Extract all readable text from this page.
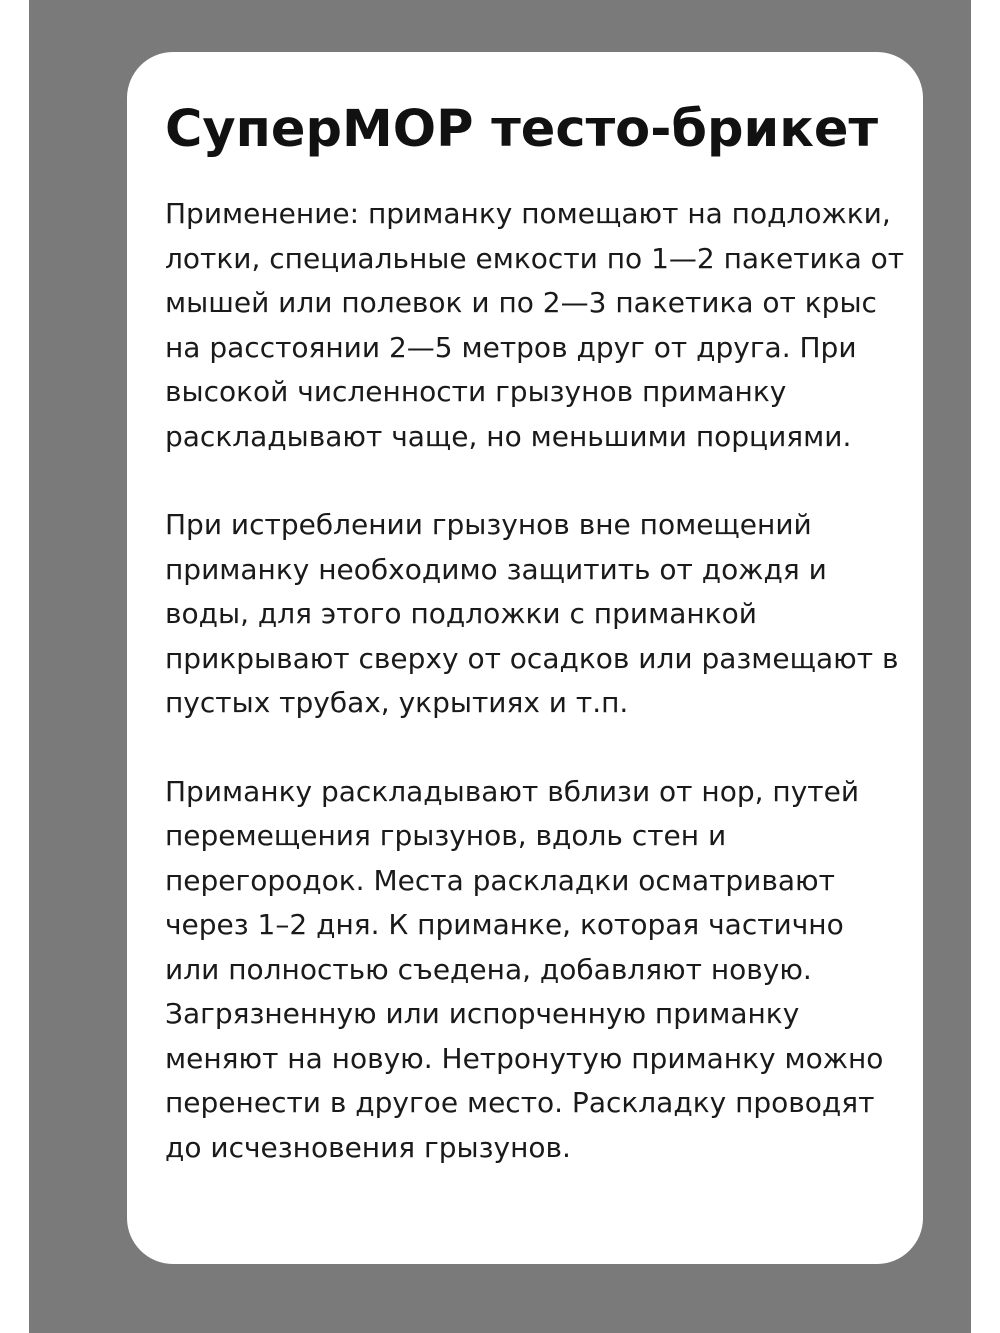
СуперМОР тесто-брикет
Применение: приманку помещают на подложки,
лотки, специальные емкости по 1—2 пакетика от
мышей или полевок и по 2—3 пакетика от крыс
на расстоянии 2—5 метров друг от друга. При
высокой численности грызунов приманку
раскладывают чаще, но меньшими порциями.
При истреблении грызунов вне помещений
приманку необходимо защитить от дождя и
воды, для этого подложки с приманкой
прикрывают сверху от осадков или размещают в
пустых трубах, укрытиях и т.п.
Приманку раскладывают вблизи от нор, путей
перемещения грызунов, вдоль стен и
перегородок. Места раскладки осматривают
через 1–2 дня. К приманке, которая частично
или полностью съедена, добавляют новую.
Загрязненную или испорченную приманку
меняют на новую. Нетронутую приманку можно
перенести в другое место. Раскладку проводят
до исчезновения грызунов.
